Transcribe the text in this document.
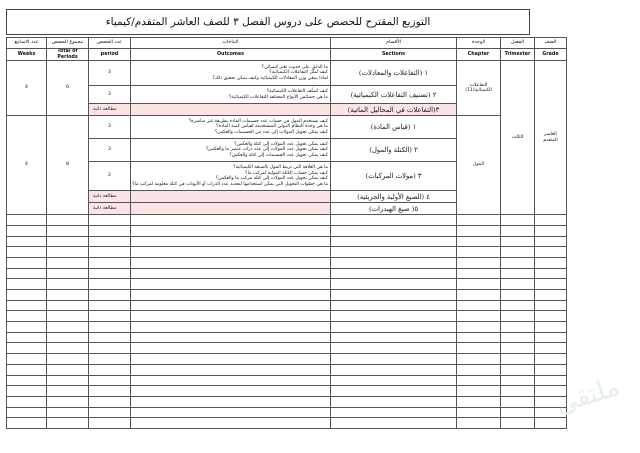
التوزيع المقترح للحصص على دروس الفصل ٣ للصف العاشر المتقدم/كيمياء
عدد الاسابيع	مجموع الحصص	عدد الحصص	النتاجات	الأقسام	الوحدة	الفصل	الصف
Weeks	Total of Periods	period	Outcomes	Sections	Chapter	Trimester	Grade
4	6	3	ما الدليل على حدوث تغير كيميائي؟
كيف تُمثَّل التفاعلات الكيميائية؟
لماذا ينبغي وزن المعادلات الكيميائية وكيف يمكن تحقيق ذلك؟	١ (التفاعلات والمعادلات)	التفاعلات الكيميائية(11)	الثالث	العاشر المتقدم
		3	كيف تُصنَّف التفاعلات الكيميائية؟
ما هي خصائص الأنواع المختلفة للتفاعلات الكيميائية؟	٢ (تصنيف التفاعلات الكيميائية)			
		مطالعة ذاتية		٣(التفاعلات في المحاليل المائية)			
4	8	3	كيف يستخدم المول في حساب عدد جسيمات المادة بطريقة غير مباشرة؟
ما هي وحدة النظام الدولي المستخدمة لقياس كمية المادة؟
كيف يمكن تحويل المولات إلى عدد من الجسيمات والعكس؟	١ (قياس المادة)	المول		
		3	كيف يمكن تحويل عدد المولات إلى كتلة والعكس؟
كيف يمكن تحويل عدد المولات إلى عدد ذرات عنصر ما والعكس؟
كيف يمكن تحويل عدد الجسيمات إلى كتلة والعكس؟	٢ (الكتلة والمول)			
		2	ما هي العلاقة التي تربط المول بالصيغة الكيميائية؟
كيف يمكن حساب الكتلة المولية لمركب ما؟
كيف يمكن تحويل عدد المولات إلى كتلة مركب ما والعكس؟
ما هي خطوات التحويل التي يمكن استخدامها لتحديد عدد الذرات أو الأيونات في كتلة معلومة لمركب ما؟	٣ (مولات المركبات)			
		مطالعة ذاتية		٤ (الصيغ الأولية والجزيئية)			
		مطالعة ذاتية		٥( صيغ الهيدرات)			

ملتقى
